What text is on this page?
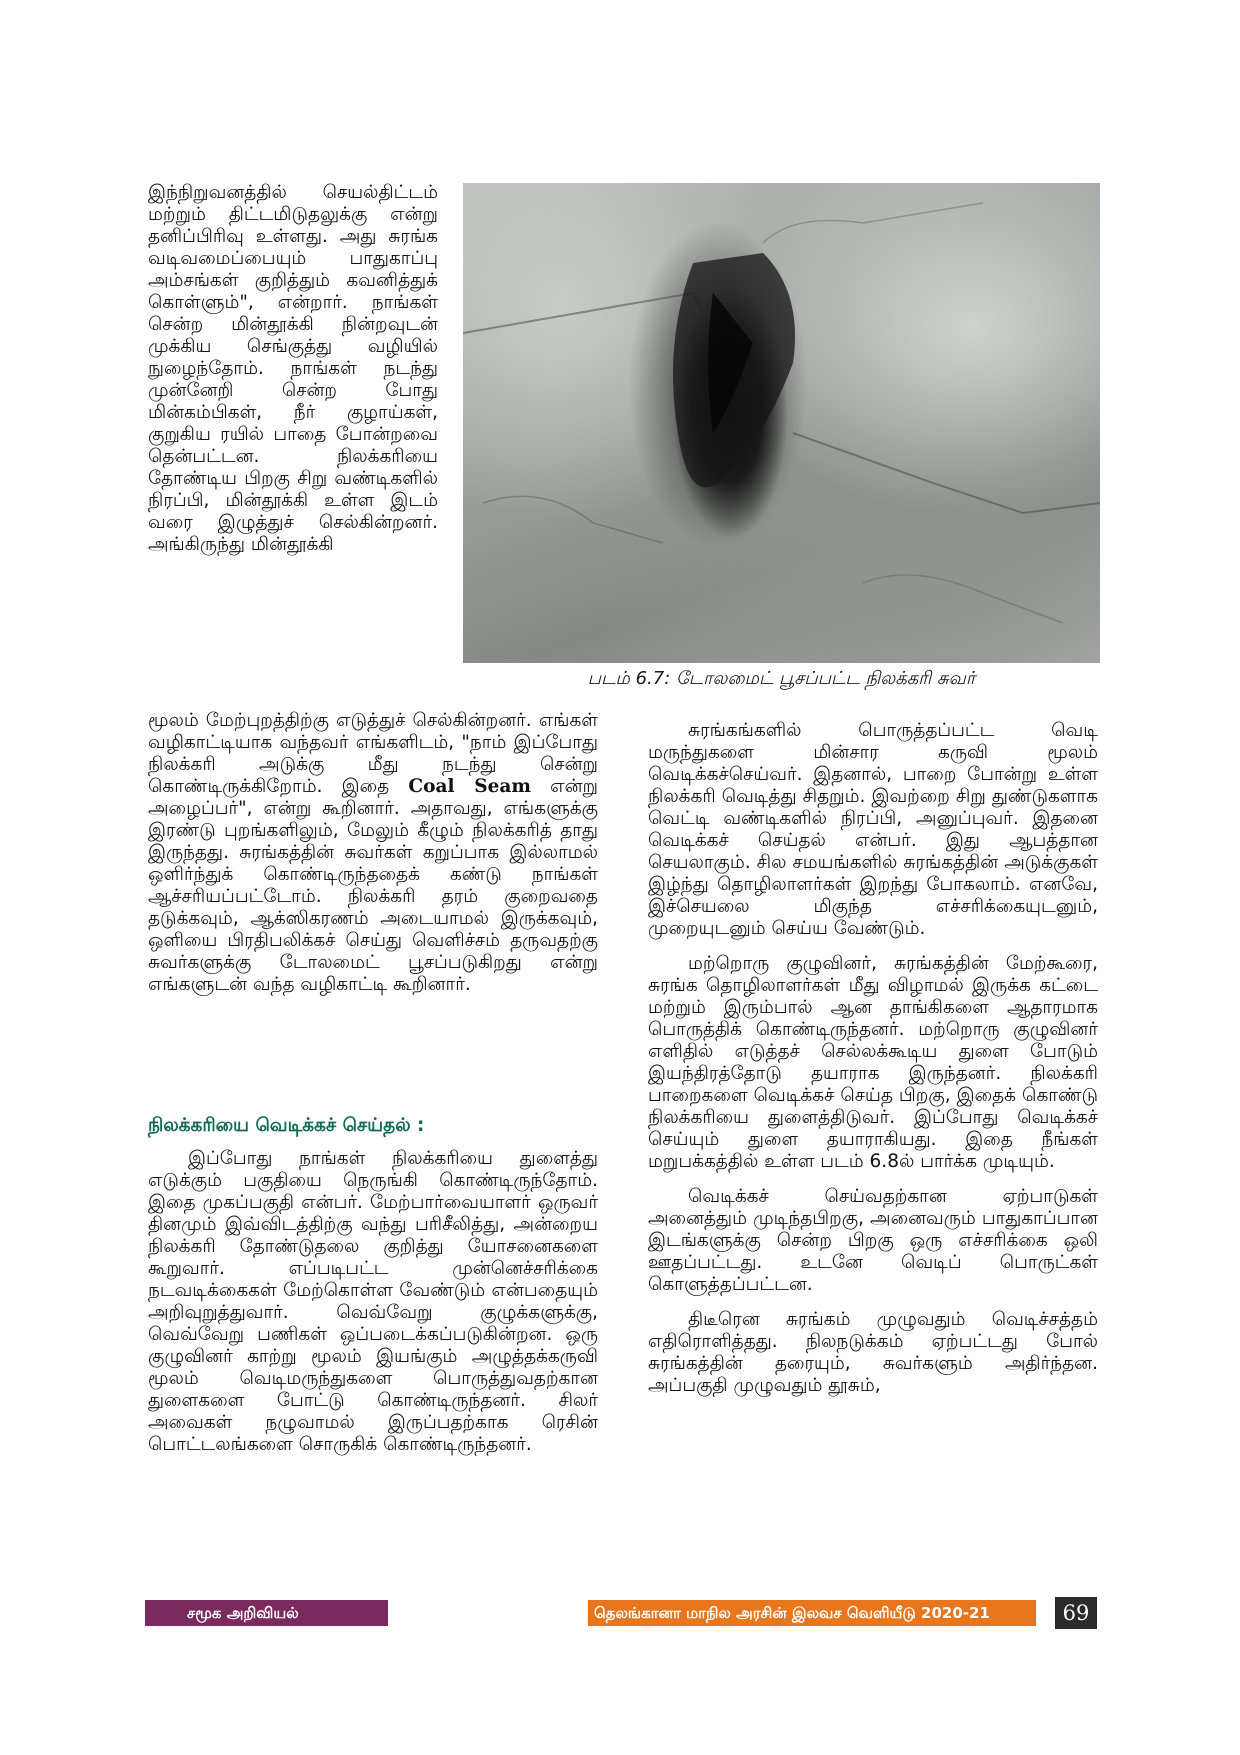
படம் 6.7: டோலமைட் பூசப்பட்ட நிலக்கரி சுவர்

இந்நிறுவனத்தில் செயல்திட்டம் மற்றும் திட்டமிடுதலுக்கு என்று தனிப்பிரிவு உள்ளது. அது சுரங்க வடிவமைப்பையும் பாதுகாப்பு அம்சங்கள் குறித்தும் கவனித்துக் கொள்ளும்", என்றார். நாங்கள் சென்ற மின்தூக்கி நின்றவுடன் முக்கிய செங்குத்து வழியில் நுழைந்தோம். நாங்கள் நடந்து முன்னேறி சென்ற போது மின்கம்பிகள், நீர் குழாய்கள், குறுகிய ரயில் பாதை போன்றவை தென்பட்டன. நிலக்கரியை தோண்டிய பிறகு சிறு வண்டிகளில் நிரப்பி, மின்தூக்கி உள்ள இடம் வரை இழுத்துச் செல்கின்றனர். அங்கிருந்து மின்தூக்கி

மூலம் மேற்புறத்திற்கு எடுத்துச் செல்கின்றனர். எங்கள் வழிகாட்டியாக வந்தவர் எங்களிடம், "நாம் இப்போது நிலக்கரி அடுக்கு மீது நடந்து சென்று கொண்டிருக்கிறோம். இதை Coal Seam என்று அழைப்பர்", என்று கூறினார். அதாவது, எங்களுக்கு இரண்டு புறங்களிலும், மேலும் கீழும் நிலக்கரித் தாது இருந்தது. சுரங்கத்தின் சுவர்கள் கறுப்பாக இல்லாமல் ஒளிர்ந்துக் கொண்டிருந்ததைக் கண்டு நாங்கள் ஆச்சரியப்பட்டோம். நிலக்கரி தரம் குறைவதை தடுக்கவும், ஆக்ஸிகரணம் அடையாமல் இருக்கவும், ஒளியை பிரதிபலிக்கச் செய்து வெளிச்சம் தருவதற்கு சுவர்களுக்கு டோலமைட் பூசப்படுகிறது என்று எங்களுடன் வந்த வழிகாட்டி கூறினார்.

நிலக்கரியை வெடிக்கச் செய்தல் :

இப்போது நாங்கள் நிலக்கரியை துளைத்து எடுக்கும் பகுதியை நெருங்கி கொண்டிருந்தோம். இதை முகப்பகுதி என்பர். மேற்பார்வையாளர் ஒருவர் தினமும் இவ்விடத்திற்கு வந்து பரிசீலித்து, அன்றைய நிலக்கரி தோண்டுதலை குறித்து யோசனைகளை கூறுவார். எப்படிபட்ட முன்னெச்சரிக்கை நடவடிக்கைகள் மேற்கொள்ள வேண்டும் என்பதையும் அறிவுறுத்துவார். வெவ்வேறு குழுக்களுக்கு, வெவ்வேறு பணிகள் ஒப்படைக்கப்படுகின்றன. ஒரு குழுவினர் காற்று மூலம் இயங்கும் அழுத்தக்கருவி மூலம் வெடிமருந்துகளை பொருத்துவதற்கான துளைகளை போட்டு கொண்டிருந்தனர். சிலர் அவைகள் நழுவாமல் இருப்பதற்காக ரெசின் பொட்டலங்களை சொருகிக் கொண்டிருந்தனர்.

சுரங்கங்களில் பொருத்தப்பட்ட வெடி மருந்துகளை மின்சார கருவி மூலம் வெடிக்கச்செய்வர். இதனால், பாறை போன்று உள்ள நிலக்கரி வெடித்து சிதறும். இவற்றை சிறு துண்டுகளாக வெட்டி வண்டிகளில் நிரப்பி, அனுப்புவர். இதனை வெடிக்கச் செய்தல் என்பர். இது ஆபத்தான செயலாகும். சில சமயங்களில் சுரங்கத்தின் அடுக்குகள் இழ்ந்து தொழிலாளர்கள் இறந்து போகலாம். எனவே, இச்செயலை மிகுந்த எச்சரிக்கையுடனும், முறையுடனும் செய்ய வேண்டும்.

மற்றொரு குழுவினர், சுரங்கத்தின் மேற்கூரை, சுரங்க தொழிலாளர்கள் மீது விழாமல் இருக்க கட்டை மற்றும் இரும்பால் ஆன தாங்கிகளை ஆதாரமாக பொருத்திக் கொண்டிருந்தனர். மற்றொரு குழுவினர் எளிதில் எடுத்தச் செல்லக்கூடிய துளை போடும் இயந்திரத்தோடு தயாராக இருந்தனர். நிலக்கரி பாறைகளை வெடிக்கச் செய்த பிறகு, இதைக் கொண்டு நிலக்கரியை துளைத்திடுவர். இப்போது வெடிக்கச் செய்யும் துளை தயாராகியது. இதை நீங்கள் மறுபக்கத்தில் உள்ள படம் 6.8ல் பார்க்க முடியும்.

வெடிக்கச் செய்வதற்கான ஏற்பாடுகள் அனைத்தும் முடிந்தபிறகு, அனைவரும் பாதுகாப்பான இடங்களுக்கு சென்ற பிறகு ஒரு எச்சரிக்கை ஒலி ஊதப்பட்டது. உடனே வெடிப் பொருட்கள் கொளுத்தப்பட்டன.

திடீரென சுரங்கம் முழுவதும் வெடிச்சத்தம் எதிரொளித்தது. நிலநடுக்கம் ஏற்பட்டது போல் சுரங்கத்தின் தரையும், சுவர்களும் அதிர்ந்தன. அப்பகுதி முழுவதும் தூசும்,

சமூக அறிவியல்	தெலங்கானா மாநில அரசின் இலவச வெளியீடு 2020-21	69
